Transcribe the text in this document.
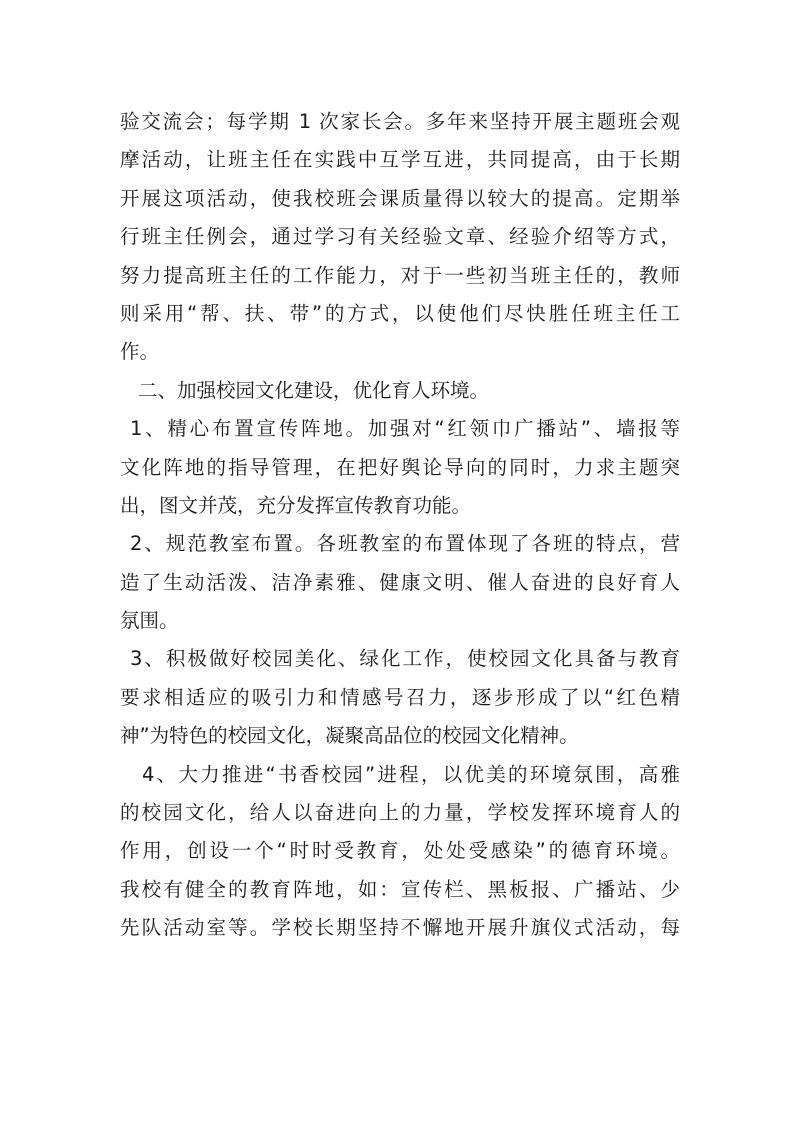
验交流会；每学期 1 次家长会。多年来坚持开展主题班会观
摩活动，让班主任在实践中互学互进，共同提高，由于长期
开展这项活动，使我校班会课质量得以较大的提高。定期举
行班主任例会，通过学习有关经验文章、经验介绍等方式，
努力提高班主任的工作能力，对于一些初当班主任的，教师
则采用“帮、扶、带”的方式，以使他们尽快胜任班主任工
作。
二、加强校园文化建设，优化育人环境。
1、精心布置宣传阵地。加强对“红领巾广播站”、墙报等
文化阵地的指导管理，在把好舆论导向的同时，力求主题突
出，图文并茂，充分发挥宣传教育功能。
2、规范教室布置。各班教室的布置体现了各班的特点，营
造了生动活泼、洁净素雅、健康文明、催人奋进的良好育人
氛围。
3、积极做好校园美化、绿化工作，使校园文化具备与教育
要求相适应的吸引力和情感号召力，逐步形成了以“红色精
神”为特色的校园文化，凝聚高品位的校园文化精神。
4、大力推进“书香校园”进程，以优美的环境氛围，高雅
的校园文化，给人以奋进向上的力量，学校发挥环境育人的
作用，创设一个“时时受教育，处处受感染”的德育环境。
我校有健全的教育阵地，如：宣传栏、黑板报、广播站、少
先队活动室等。学校长期坚持不懈地开展升旗仪式活动，每
